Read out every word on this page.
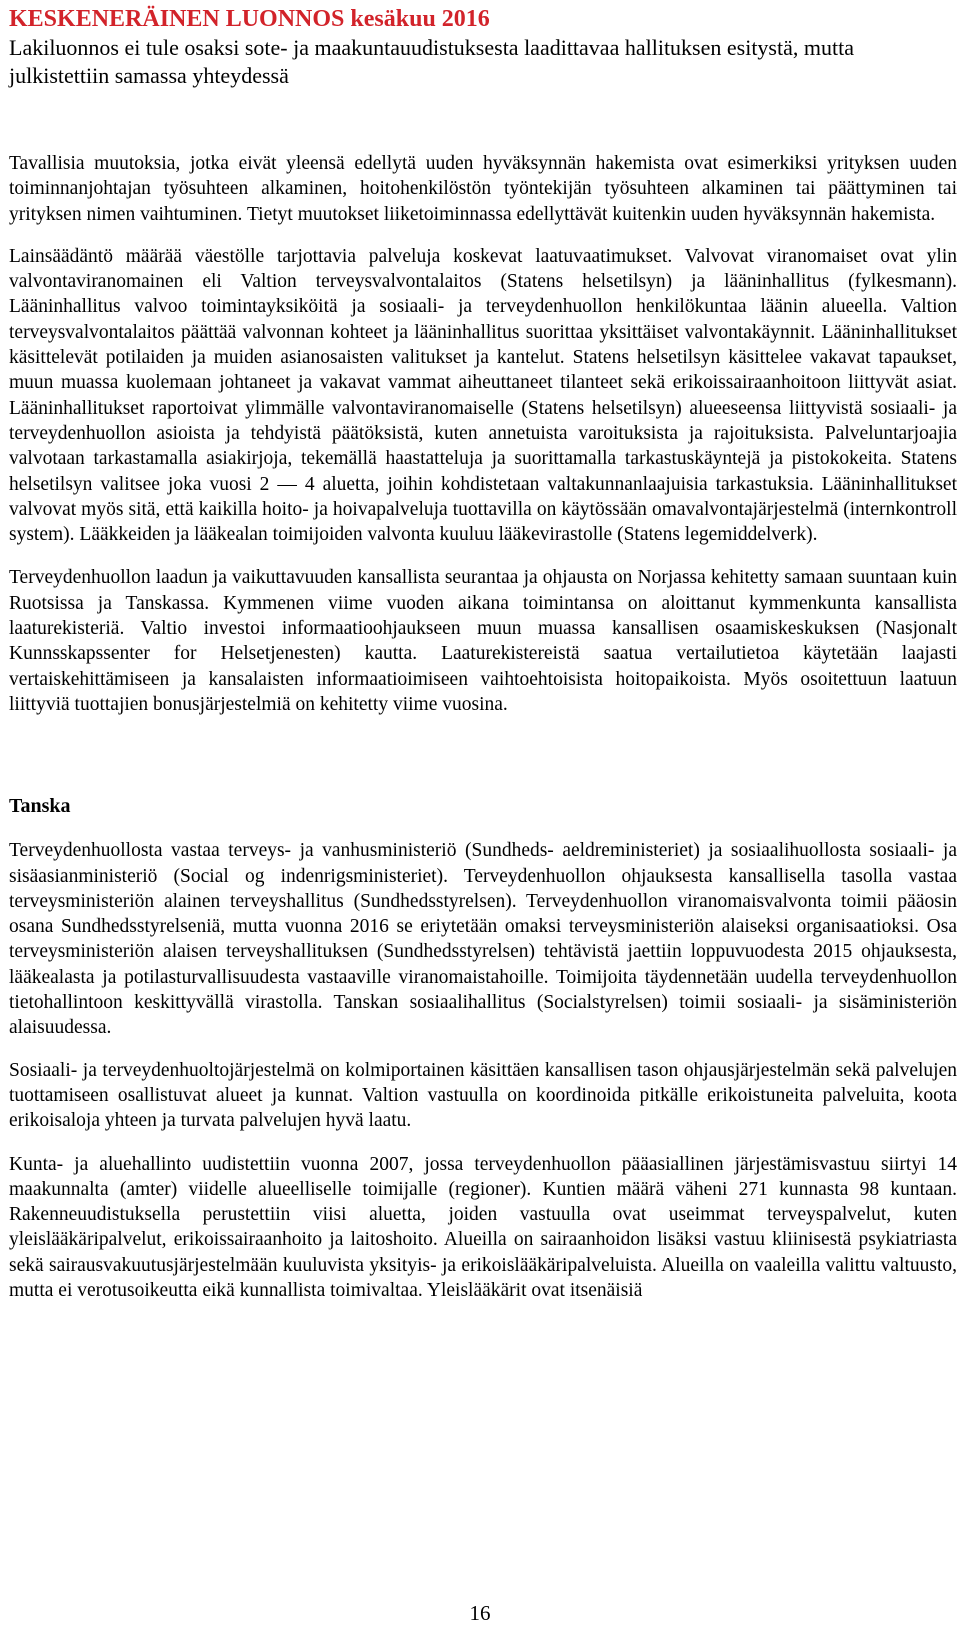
KESKENERÄINEN LUONNOS kesäkuu 2016

Lakiluonnos ei tule osaksi sote- ja maakuntauudistuksesta laadittavaa hallituksen esitystä, mutta julkistettiin samassa yhteydessä

Tavallisia muutoksia, jotka eivät yleensä edellytä uuden hyväksynnän hakemista ovat esimerkiksi yrityksen uuden toiminnanjohtajan työsuhteen alkaminen, hoitohenkilöstön työntekijän työsuhteen alkaminen tai päättyminen tai yrityksen nimen vaihtuminen. Tietyt muutokset liiketoiminnassa edellyttävät kuitenkin uuden hyväksynnän hakemista.

Lainsäädäntö määrää väestölle tarjottavia palveluja koskevat laatuvaatimukset. Valvovat viranomaiset ovat ylin valvontaviranomainen eli Valtion terveysvalvontalaitos (Statens helsetilsyn) ja lääninhallitus (fylkesmann). Lääninhallitus valvoo toimintayksiköitä ja sosiaali- ja terveydenhuollon henkilökuntaa läänin alueella. Valtion terveysvalvontalaitos päättää valvonnan kohteet ja lääninhallitus suorittaa yksittäiset valvontakäynnit. Lääninhallitukset käsittelevät potilaiden ja muiden asianosaisten valitukset ja kantelut. Statens helsetilsyn käsittelee vakavat tapaukset, muun muassa kuolemaan johtaneet ja vakavat vammat aiheuttaneet tilanteet sekä erikoissairaanhoitoon liittyvät asiat. Lääninhallitukset raportoivat ylimmälle valvontaviranomaiselle (Statens helsetilsyn) alueeseensa liittyvistä sosiaali- ja terveydenhuollon asioista ja tehdyistä päätöksistä, kuten annetuista varoituksista ja rajoituksista. Palveluntarjoajia valvotaan tarkastamalla asiakirjoja, tekemällä haastatteluja ja suorittamalla tarkastuskäyntejä ja pistokokeita. Statens helsetilsyn valitsee joka vuosi 2 — 4 aluetta, joihin kohdistetaan valtakunnanlaajuisia tarkastuksia. Lääninhallitukset valvovat myös sitä, että kaikilla hoito- ja hoivapalveluja tuottavilla on käytössään omavalvontajärjestelmä (internkontroll system). Lääkkeiden ja lääkealan toimijoiden valvonta kuuluu lääkevirastolle (Statens legemiddelverk).

Terveydenhuollon laadun ja vaikuttavuuden kansallista seurantaa ja ohjausta on Norjassa kehitetty samaan suuntaan kuin Ruotsissa ja Tanskassa. Kymmenen viime vuoden aikana toimintansa on aloittanut kymmenkunta kansallista laaturekisteriä. Valtio investoi informaatioohjaukseen muun muassa kansallisen osaamiskeskuksen (Nasjonalt Kunnsskapssenter for Helsetjenesten) kautta. Laaturekistereistä saatua vertailutietoa käytetään laajasti vertaiskehittämiseen ja kansalaisten informaatioimiseen vaihtoehtoisista hoitopaikoista. Myös osoitettuun laatuun liittyviä tuottajien bonusjärjestelmiä on kehitetty viime vuosina.

Tanska

Terveydenhuollosta vastaa terveys- ja vanhusministeriö (Sundheds- aeldreministeriet) ja sosiaalihuollosta sosiaali- ja sisäasianministeriö (Social og indenrigsministeriet). Terveydenhuollon ohjauksesta kansallisella tasolla vastaa terveysministeriön alainen terveyshallitus (Sundhedsstyrelsen). Terveydenhuollon viranomaisvalvonta toimii pääosin osana Sundhedsstyrelseniä, mutta vuonna 2016 se eriytetään omaksi terveysministeriön alaiseksi organisaatioksi. Osa terveysministeriön alaisen terveyshallituksen (Sundhedsstyrelsen) tehtävistä jaettiin loppuvuodesta 2015 ohjauksesta, lääkealasta ja potilasturvallisuudesta vastaaville viranomaistahoille. Toimijoita täydennetään uudella terveydenhuollon tietohallintoon keskittyvällä virastolla. Tanskan sosiaalihallitus (Socialstyrelsen) toimii sosiaali- ja sisäministeriön alaisuudessa.

Sosiaali- ja terveydenhuoltojärjestelmä on kolmiportainen käsittäen kansallisen tason ohjausjärjestelmän sekä palvelujen tuottamiseen osallistuvat alueet ja kunnat. Valtion vastuulla on koordinoida pitkälle erikoistuneita palveluita, koota erikoisaloja yhteen ja turvata palvelujen hyvä laatu.

Kunta- ja aluehallinto uudistettiin vuonna 2007, jossa terveydenhuollon pääasiallinen järjestämisvastuu siirtyi 14 maakunnalta (amter) viidelle alueelliselle toimijalle (regioner). Kuntien määrä väheni 271 kunnasta 98 kuntaan. Rakenneuudistuksella perustettiin viisi aluetta, joiden vastuulla ovat useimmat terveyspalvelut, kuten yleislääkäripalvelut, erikoissairaanhoito ja laitoshoito. Alueilla on sairaanhoidon lisäksi vastuu kliinisestä psykiatriasta sekä sairausvakuutusjärjestelmään kuuluvista yksityis- ja erikoislääkäripalveluista. Alueilla on vaaleilla valittu valtuusto, mutta ei verotusoikeutta eikä kunnallista toimivaltaa. Yleislääkärit ovat itsenäisiä

16
